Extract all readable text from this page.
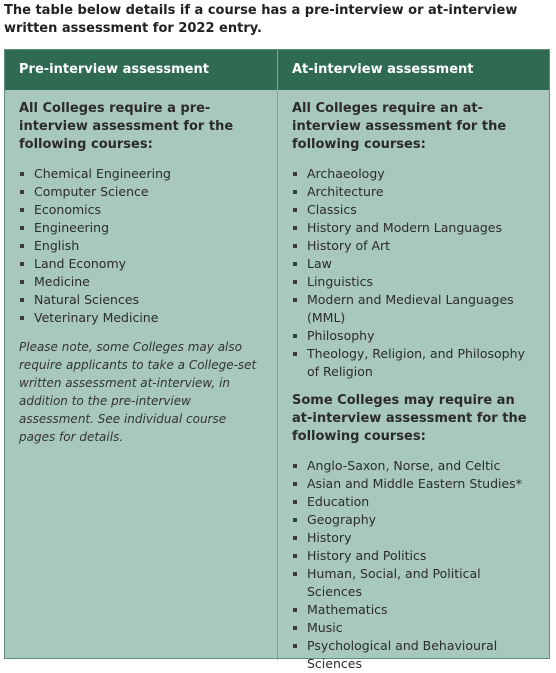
The table below details if a course has a pre-interview or at-interview written assessment for 2022 entry.
Pre-interview assessment	At-interview assessment

All Colleges require a pre-interview assessment for the following courses:

Chemical Engineering
Computer Science
Economics
Engineering
English
Land Economy
Medicine
Natural Sciences
Veterinary Medicine

Please note, some Colleges may also require applicants to take a College-set written assessment at-interview, in addition to the pre-interview assessment. See individual course pages for details.

All Colleges require an at-interview assessment for the following courses:

Archaeology
Architecture
Classics
History and Modern Languages
History of Art
Law
Linguistics
Modern and Medieval Languages (MML)
Philosophy
Theology, Religion, and Philosophy of Religion

Some Colleges may require an at-interview assessment for the following courses:

Anglo-Saxon, Norse, and Celtic
Asian and Middle Eastern Studies*
Education
Geography
History
History and Politics
Human, Social, and Political Sciences
Mathematics
Music
Psychological and Behavioural Sciences
